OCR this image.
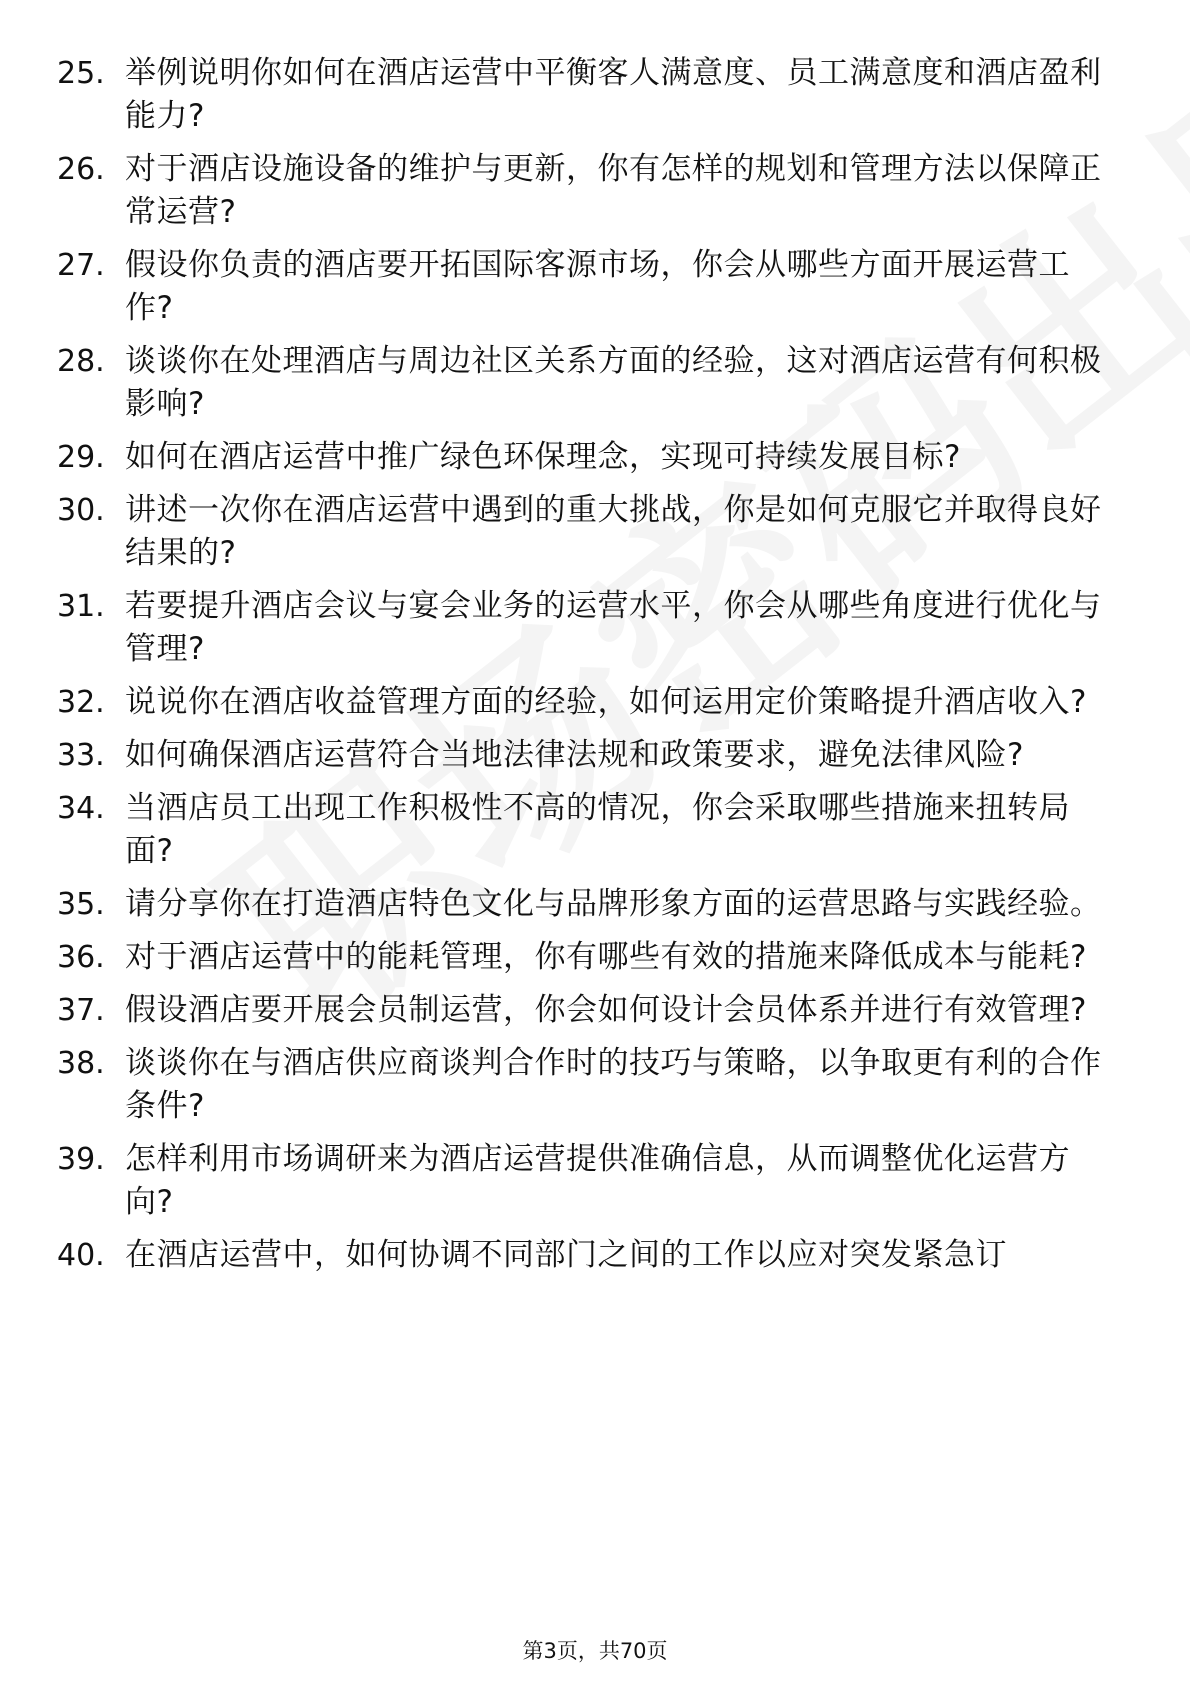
25. 举例说明你如何在酒店运营中平衡客人满意度、员工满意度和酒店盈利能力?
26. 对于酒店设施设备的维护与更新，你有怎样的规划和管理方法以保障正常运营?
27. 假设你负责的酒店要开拓国际客源市场，你会从哪些方面开展运营工作?
28. 谈谈你在处理酒店与周边社区关系方面的经验，这对酒店运营有何积极影响?
29. 如何在酒店运营中推广绿色环保理念，实现可持续发展目标?
30. 讲述一次你在酒店运营中遇到的重大挑战，你是如何克服它并取得良好结果的?
31. 若要提升酒店会议与宴会业务的运营水平，你会从哪些角度进行优化与管理?
32. 说说你在酒店收益管理方面的经验，如何运用定价策略提升酒店收入?
33. 如何确保酒店运营符合当地法律法规和政策要求，避免法律风险?
34. 当酒店员工出现工作积极性不高的情况，你会采取哪些措施来扭转局面?
35. 请分享你在打造酒店特色文化与品牌形象方面的运营思路与实践经验。
36. 对于酒店运营中的能耗管理，你有哪些有效的措施来降低成本与能耗?
37. 假设酒店要开展会员制运营，你会如何设计会员体系并进行有效管理?
38. 谈谈你在与酒店供应商谈判合作时的技巧与策略，以争取更有利的合作条件?
39. 怎样利用市场调研来为酒店运营提供准确信息，从而调整优化运营方向?
40. 在酒店运营中，如何协调不同部门之间的工作以应对突发紧急订
第3页，共70页
